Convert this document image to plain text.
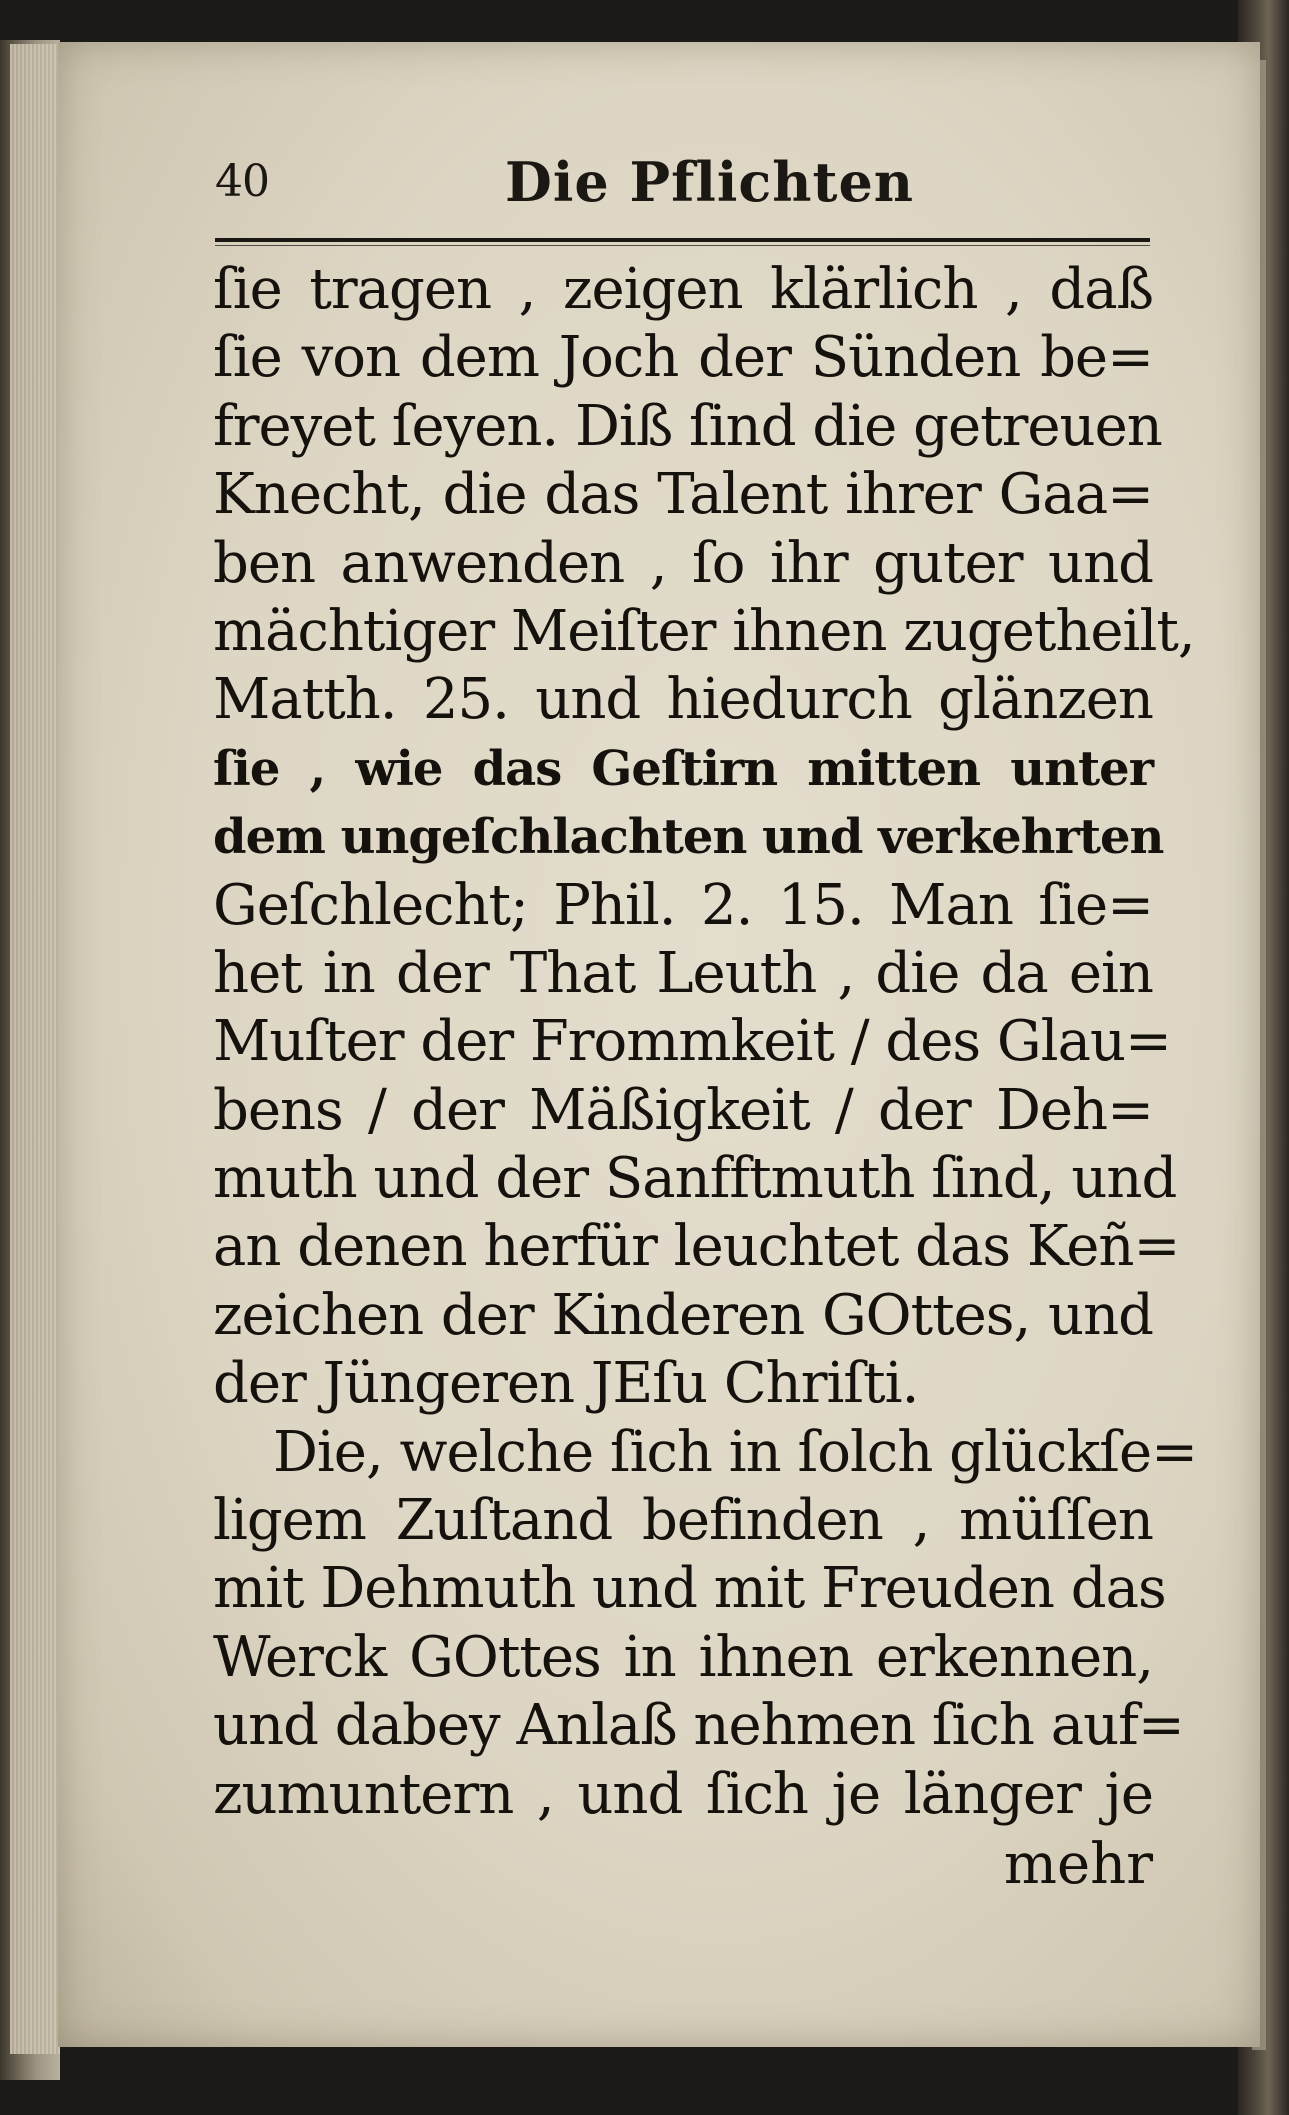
40	Die Pflichten
ſie tragen , zeigen klärlich , daß
ſie von dem Joch der Sünden be=
freyet ſeyen. Diß ſind die getreuen
Knecht, die das Talent ihrer Gaa=
ben anwenden , ſo ihr guter und
mächtiger Meiſter ihnen zugetheilt,
Matth. 25. und hiedurch glänzen
ſie , wie das Geſtirn mitten unter
dem ungeſchlachten und verkehrten
Geſchlecht; Phil. 2. 15. Man ſie=
het in der That Leuth , die da ein
Muſter der Frommkeit / des Glau=
bens / der Mäßigkeit / der Deh=
muth und der Sanfftmuth ſind, und
an denen herfür leuchtet das Keñ=
zeichen der Kinderen GOttes, und
der Jüngeren JEſu Chriſti.
Die, welche ſich in ſolch glückſe=
ligem Zuſtand befinden , müſſen
mit Dehmuth und mit Freuden das
Werck GOttes in ihnen erkennen,
und dabey Anlaß nehmen ſich auf=
zumuntern , und ſich je länger je
mehr
